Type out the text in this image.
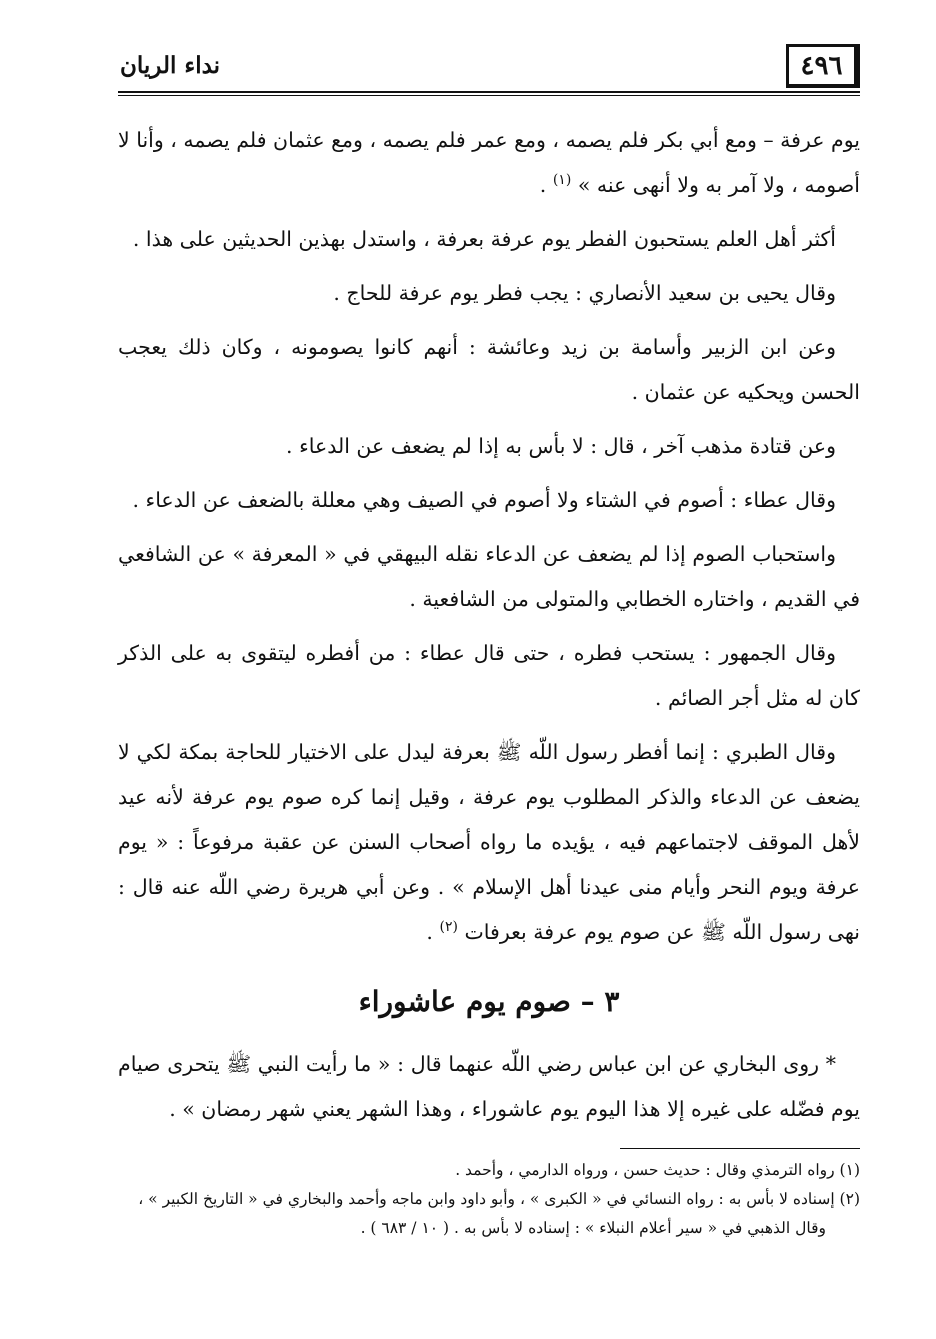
٤٩٦
نداء الريان

يوم عرفة – ومع أبي بكر فلم يصمه ، ومع عمر فلم يصمه ، ومع عثمان فلم يصمه ، وأنا لا أصومه ، ولا آمر به ولا أنهى عنه » $^{(١)}$ .

أكثر أهل العلم يستحبون الفطر يوم عرفة بعرفة ، واستدل بهذين الحديثين على هذا .

وقال يحيى بن سعيد الأنصاري : يجب فطر يوم عرفة للحاج .

وعن ابن الزبير وأسامة بن زيد وعائشة : أنهم كانوا يصومونه ، وكان ذلك يعجب الحسن ويحكيه عن عثمان .

وعن قتادة مذهب آخر ، قال : لا بأس به إذا لم يضعف عن الدعاء .

وقال عطاء : أصوم في الشتاء ولا أصوم في الصيف وهي معللة بالضعف عن الدعاء .

واستحباب الصوم إذا لم يضعف عن الدعاء نقله البيهقي في « المعرفة » عن الشافعي في القديم ، واختاره الخطابي والمتولى من الشافعية .

وقال الجمهور : يستحب فطره ، حتى قال عطاء : من أفطره ليتقوى به على الذكر كان له مثل أجر الصائم .

وقال الطبري : إنما أفطر رسول اللّه ﷺ بعرفة ليدل على الاختيار للحاجة بمكة لكي لا يضعف عن الدعاء والذكر المطلوب يوم عرفة ، وقيل إنما كره صوم يوم عرفة لأنه عيد لأهل الموقف لاجتماعهم فيه ، يؤيده ما رواه أصحاب السنن عن عقبة مرفوعاً : « يوم عرفة ويوم النحر وأيام منى عيدنا أهل الإسلام » . وعن أبي هريرة رضي اللّه عنه قال : نهى رسول اللّه ﷺ عن صوم يوم عرفة بعرفات $^{(٢)}$ .

٣ – صوم يوم عاشوراء

* روى البخاري عن ابن عباس رضي اللّه عنهما قال : « ما رأيت النبي ﷺ يتحرى صيام يوم فضّله على غيره إلا هذا اليوم يوم عاشوراء ، وهذا الشهر يعني شهر رمضان » .

(١) رواه الترمذي وقال : حديث حسن ، ورواه الدارمي ، وأحمد .

(٢) إسناده لا بأس به : رواه النسائي في « الكبرى » ، وأبو داود وابن ماجه وأحمد والبخاري في « التاريخ الكبير » ،

وقال الذهبي في « سير أعلام النبلاء » : إسناده لا بأس به . ( ١٠ / ٦٨٣ ) .
